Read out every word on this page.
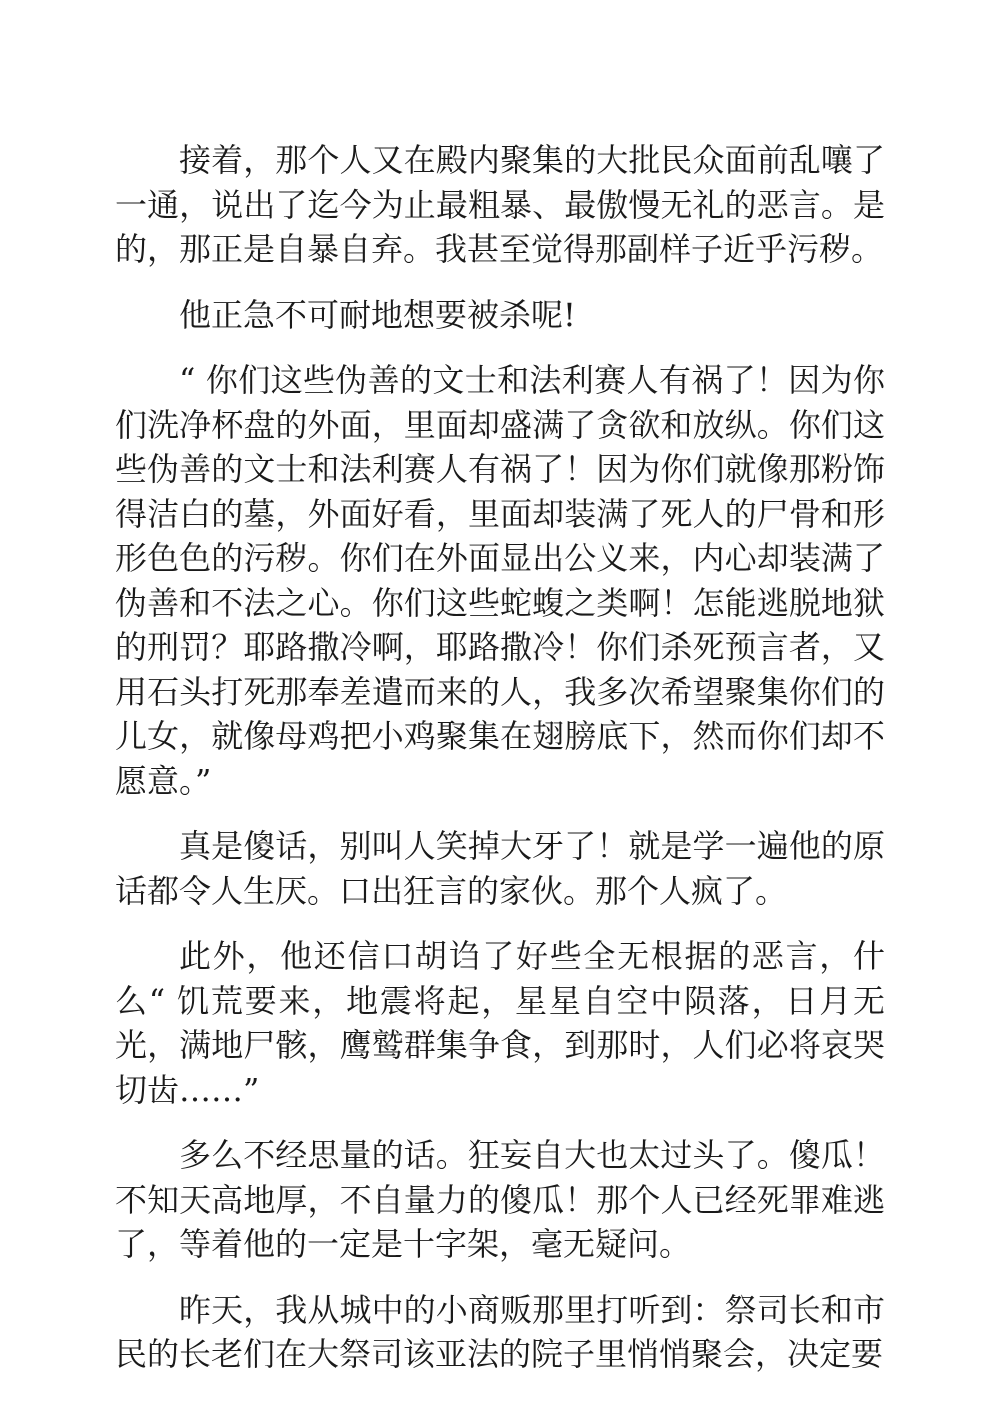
接着，那个人又在殿内聚集的大批民众面前乱嚷了一通，说出了迄今为止最粗暴、最傲慢无礼的恶言。是的，那正是自暴自弃。我甚至觉得那副样子近乎污秽。

他正急不可耐地想要被杀呢!

“ 你们这些伪善的文士和法利赛人有祸了！因为你们洗净杯盘的外面，里面却盛满了贪欲和放纵。你们这些伪善的文士和法利赛人有祸了！因为你们就像那粉饰得洁白的墓，外面好看，里面却装满了死人的尸骨和形形色色的污秽。你们在外面显出公义来，内心却装满了伪善和不法之心。你们这些蛇蝮之类啊！怎能逃脱地狱的刑罚？耶路撒冷啊，耶路撒冷！你们杀死预言者，又用石头打死那奉差遣而来的人，我多次希望聚集你们的儿女，就像母鸡把小鸡聚集在翅膀底下，然而你们却不愿意。”

真是傻话，别叫人笑掉大牙了！就是学一遍他的原话都令人生厌。口出狂言的家伙。那个人疯了。

此外，他还信口胡诌了好些全无根据的恶言，什么“ 饥荒要来，地震将起，星星自空中陨落，日月无光，满地尸骸，鹰鹫群集争食，到那时，人们必将哀哭切齿……”

多么不经思量的话。狂妄自大也太过头了。傻瓜！不知天高地厚，不自量力的傻瓜！那个人已经死罪难逃了，等着他的一定是十字架，毫无疑问。

昨天，我从城中的小商贩那里打听到：祭司长和市民的长老们在大祭司该亚法的院子里悄悄聚会，决定要
